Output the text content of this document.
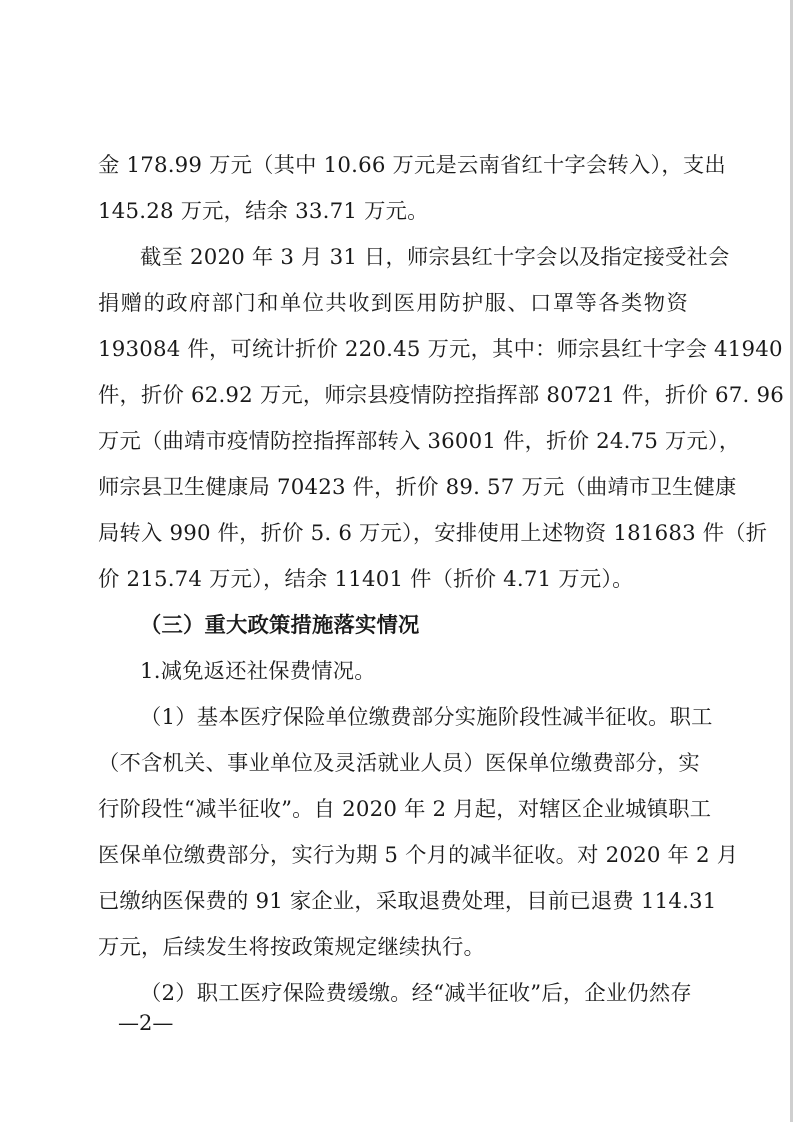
金 178.99 万元（其中 10.66 万元是云南省红十字会转入），支出
145.28 万元，结余 33.71 万元。
截至 2020 年 3 月 31 日，师宗县红十字会以及指定接受社会
捐赠的政府部门和单位共收到医用防护服、口罩等各类物资
193084 件，可统计折价 220.45 万元，其中：师宗县红十字会 41940
件，折价 62.92 万元，师宗县疫情防控指挥部 80721 件，折价 67. 96
万元（曲靖市疫情防控指挥部转入 36001 件，折价 24.75 万元），
师宗县卫生健康局 70423 件，折价 89. 57 万元（曲靖市卫生健康
局转入 990 件，折价 5. 6 万元），安排使用上述物资 181683 件（折
价 215.74 万元），结余 11401 件（折价 4.71 万元）。
（三）重大政策措施落实情况
1.减免返还社保费情况。
（1）基本医疗保险单位缴费部分实施阶段性减半征收。职工
（不含机关、事业单位及灵活就业人员）医保单位缴费部分，实
行阶段性“减半征收”。自 2020 年 2 月起，对辖区企业城镇职工
医保单位缴费部分，实行为期 5 个月的减半征收。对 2020 年 2 月
已缴纳医保费的 91 家企业，采取退费处理，目前已退费 114.31
万元，后续发生将按政策规定继续执行。
（2）职工医疗保险费缓缴。经“减半征收”后，企业仍然存
—2—
